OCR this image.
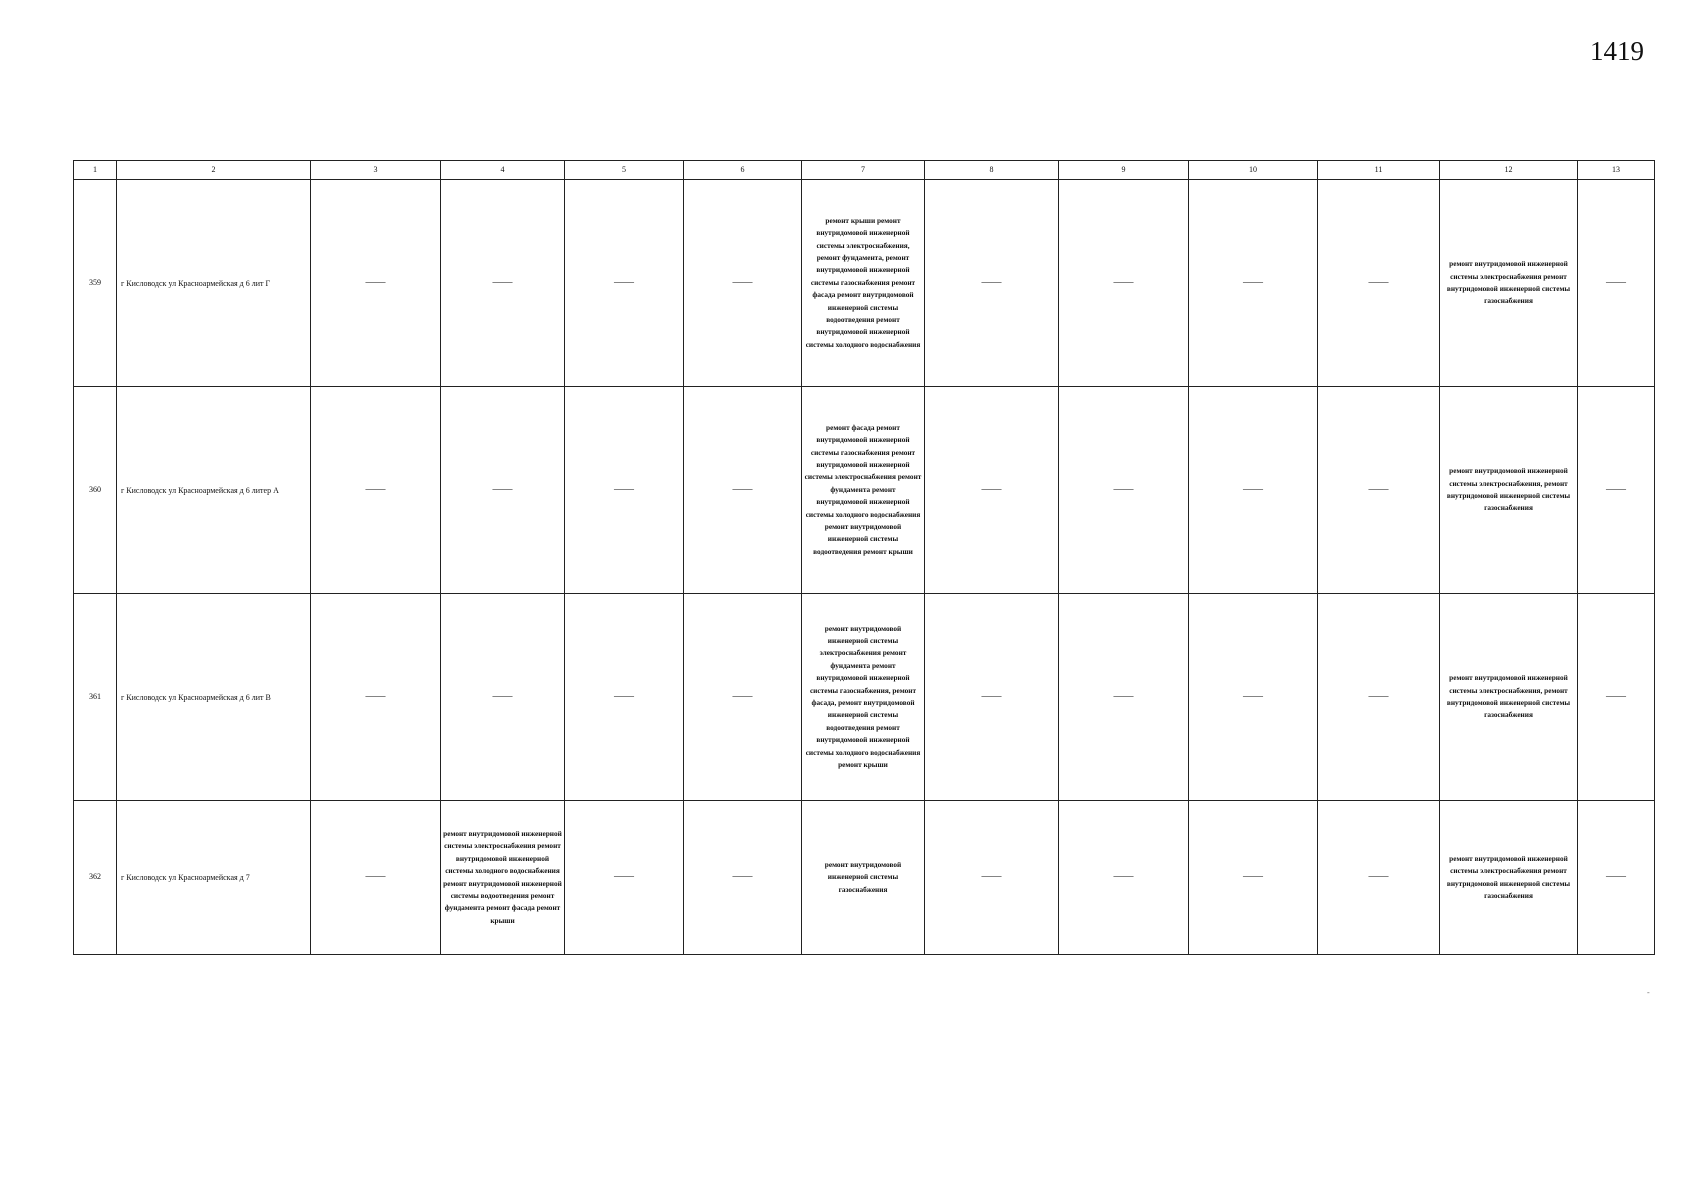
1419
1	2	3	4	5	6	7	8	9	10	11	12	13
359	г Кисловодск ул Красноармейская д 6 лит Г	——	——	——	——	ремонт крыши ремонт внутридомовой инженерной системы электроснабжения, ремонт фундамента, ремонт внутридомовой инженерной системы газоснабжения ремонт фасада ремонт внутридомовой инженерной системы водоотведения ремонт внутридомовой инженерной системы холодного водоснабжения	——	——	——	——	ремонт внутридомовой инженерной системы электроснабжения ремонт внутридомовой инженерной системы газоснабжения	——
360	г Кисловодск ул Красноармейская д 6 литер А	——	——	——	——	ремонт фасада ремонт внутридомовой инженерной системы газоснабжения ремонт внутридомовой инженерной системы электроснабжения ремонт фундамента ремонт внутридомовой инженерной системы холодного водоснабжения ремонт внутридомовой инженерной системы водоотведения ремонт крыши	——	——	——	——	ремонт внутридомовой инженерной системы электроснабжения, ремонт внутридомовой инженерной системы газоснабжения	——
361	г Кисловодск ул Красноармейская д 6 лит В	——	——	——	——	ремонт внутридомовой инженерной системы электроснабжения ремонт фундамента ремонт внутридомовой инженерной системы газоснабжения, ремонт фасада, ремонт внутридомовой инженерной системы водоотведения ремонт внутридомовой инженерной системы холодного водоснабжения ремонт крыши	——	——	——	——	ремонт внутридомовой инженерной системы электроснабжения, ремонт внутридомовой инженерной системы газоснабжения	——
362	г Кисловодск ул Красноармейская д 7	——	ремонт внутридомовой инженерной системы электроснабжения ремонт внутридомовой инженерной системы холодного водоснабжения ремонт внутридомовой инженерной системы водоотведения ремонт фундамента ремонт фасада ремонт крыши	——	——	ремонт внутридомовой инженерной системы газоснабжения	——	——	——	——	ремонт внутридомовой инженерной системы электроснабжения ремонт внутридомовой инженерной системы газоснабжения	——
-
